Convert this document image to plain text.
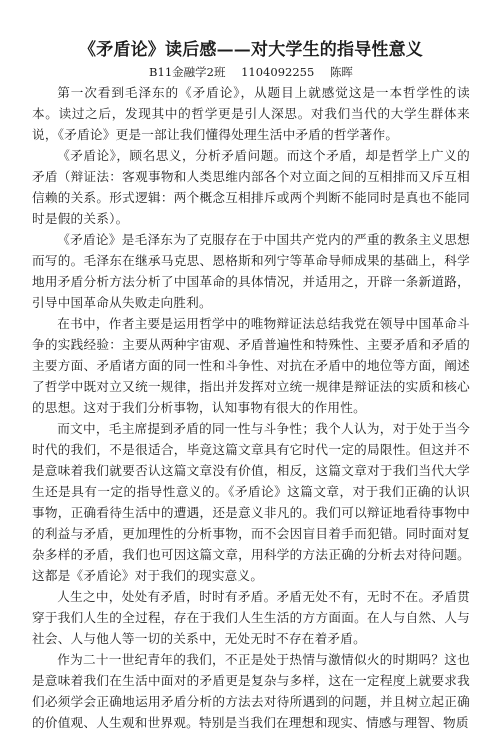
《矛盾论》读后感——对大学生的指导性意义
B11金融学2班 1104092255 陈晖

第一次看到毛泽东的《矛盾论》，从题目上就感觉这是一本哲学性的读本。读过之后，发现其中的哲学更是引人深思。对我们当代的大学生群体来说，《矛盾论》更是一部让我们懂得处理生活中矛盾的哲学著作。

《矛盾论》，顾名思义，分析矛盾问题。而这个矛盾，却是哲学上广义的矛盾（辩证法：客观事物和人类思维内部各个对立面之间的互相排而又斥互相信赖的关系。形式逻辑：两个概念互相排斥或两个判断不能同时是真也不能同时是假的关系）。

《矛盾论》是毛泽东为了克服存在于中国共产党内的严重的教条主义思想而写的。毛泽东在继承马克思、恩格斯和列宁等革命导师成果的基础上，科学地用矛盾分析方法分析了中国革命的具体情况，并适用之，开辟一条新道路，引导中国革命从失败走向胜利。

在书中，作者主要是运用哲学中的唯物辩证法总结我党在领导中国革命斗争的实践经验：主要从两种宇宙观、矛盾普遍性和特殊性、主要矛盾和矛盾的主要方面、矛盾诸方面的同一性和斗争性、对抗在矛盾中的地位等方面，阐述了哲学中既对立又统一规律，指出并发挥对立统一规律是辩证法的实质和核心的思想。这对于我们分析事物，认知事物有很大的作用性。

而文中，毛主席提到矛盾的同一性与斗争性；我个人认为，对于处于当今时代的我们，不是很适合，毕竟这篇文章具有它时代一定的局限性。但这并不是意味着我们就要否认这篇文章没有价值，相反，这篇文章对于我们当代大学生还是具有一定的指导性意义的。《矛盾论》这篇文章，对于我们正确的认识事物，正确看待生活中的遭遇，还是意义非凡的。我们可以辩证地看待事物中的利益与矛盾，更加理性的分析事物，而不会因盲目着手而犯错。同时面对复杂多样的矛盾，我们也可因这篇文章，用科学的方法正确的分析去对待问题。这都是《矛盾论》对于我们的现实意义。

人生之中，处处有矛盾，时时有矛盾。矛盾无处不有，无时不在。矛盾贯穿于我们人生的全过程，存在于我们人生生活的方方面面。在人与自然、人与社会、人与他人等一切的关系中，无处无时不存在着矛盾。

作为二十一世纪青年的我们，不正是处于热情与激情似火的时期吗？这也是意味着我们在生活中面对的矛盾更是复杂与多样，这在一定程度上就要求我们必须学会正确地运用矛盾分析的方法去对待所遇到的问题，并且树立起正确的价值观、人生观和世界观。特别是当我们在理想和现实、情感与理智、物质
